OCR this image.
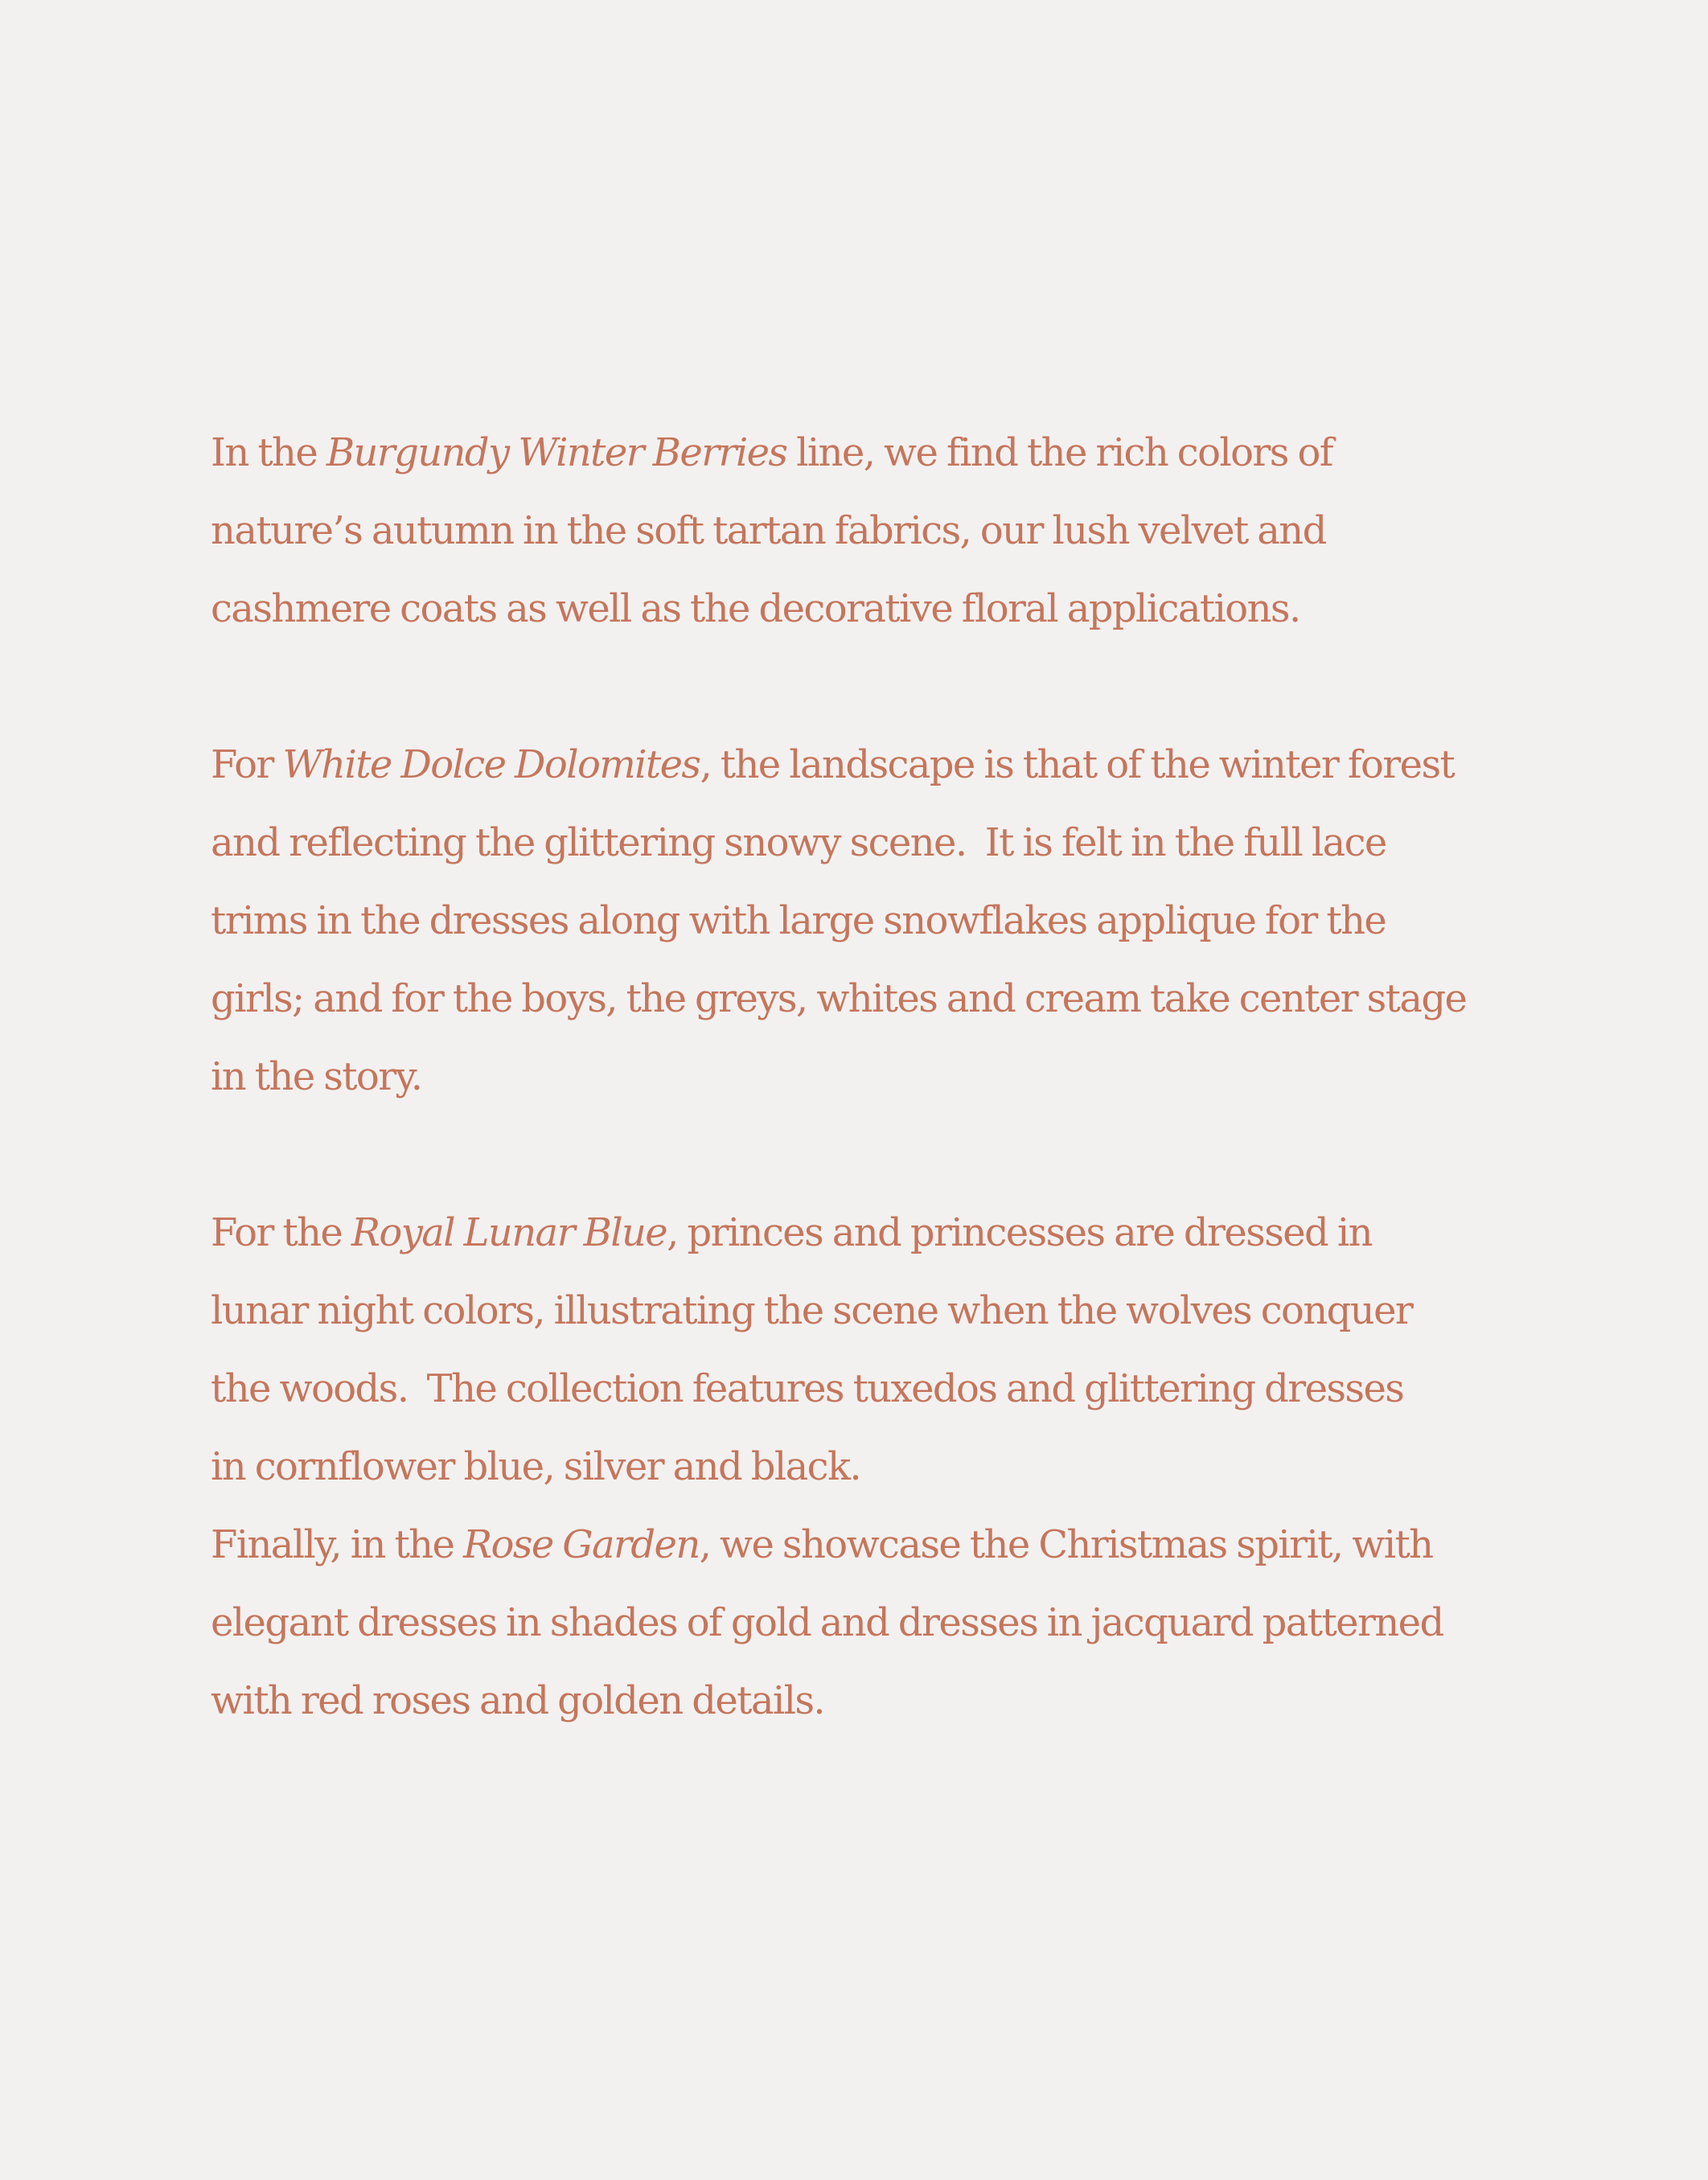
In the Burgundy Winter Berries line, we find the rich colors of
nature’s autumn in the soft tartan fabrics, our lush velvet and
cashmere coats as well as the decorative floral applications.

For White Dolce Dolomites, the landscape is that of the winter forest
and reflecting the glittering snowy scene.  It is felt in the full lace
trims in the dresses along with large snowflakes applique for the
girls; and for the boys, the greys, whites and cream take center stage
in the story.

For the Royal Lunar Blue, princes and princesses are dressed in
lunar night colors, illustrating the scene when the wolves conquer
the woods.  The collection features tuxedos and glittering dresses
in cornflower blue, silver and black.

Finally, in the Rose Garden, we showcase the Christmas spirit, with
elegant dresses in shades of gold and dresses in jacquard patterned
with red roses and golden details.
